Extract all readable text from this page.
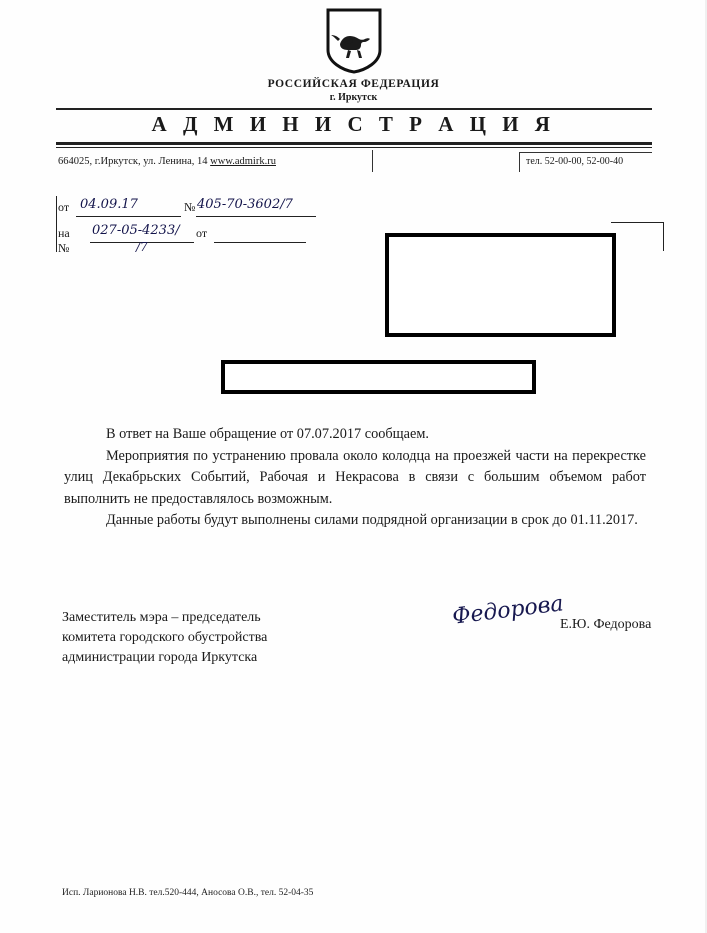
РОССИЙСКАЯ ФЕДЕРАЦИЯ
г. Иркутск
А Д М И Н И С Т Р А Ц И Я
664025, г.Иркутск, ул. Ленина, 14 www.admirk.ru	тел. 52-00-00, 52-00-40
от 04.09.17	№ 405-70-3602/7
на №
027-05-4233/
/7
от

В ответ на Ваше обращение от 07.07.2017 сообщаем.

Мероприятия по устранению провала около колодца на проезжей части на перекрестке улиц Декабрьских Событий, Рабочая и Некрасова в связи с большим объемом работ выполнить не предоставлялось возможным.

Данные работы будут выполнены силами подрядной организации в срок до 01.11.2017.

Заместитель мэра – председатель
комитета городского обустройства
администрации города Иркутска
Федорова
Е.Ю. Федорова
Исп. Ларионова Н.В. тел.520-444, Аносова О.В., тел. 52-04-35
